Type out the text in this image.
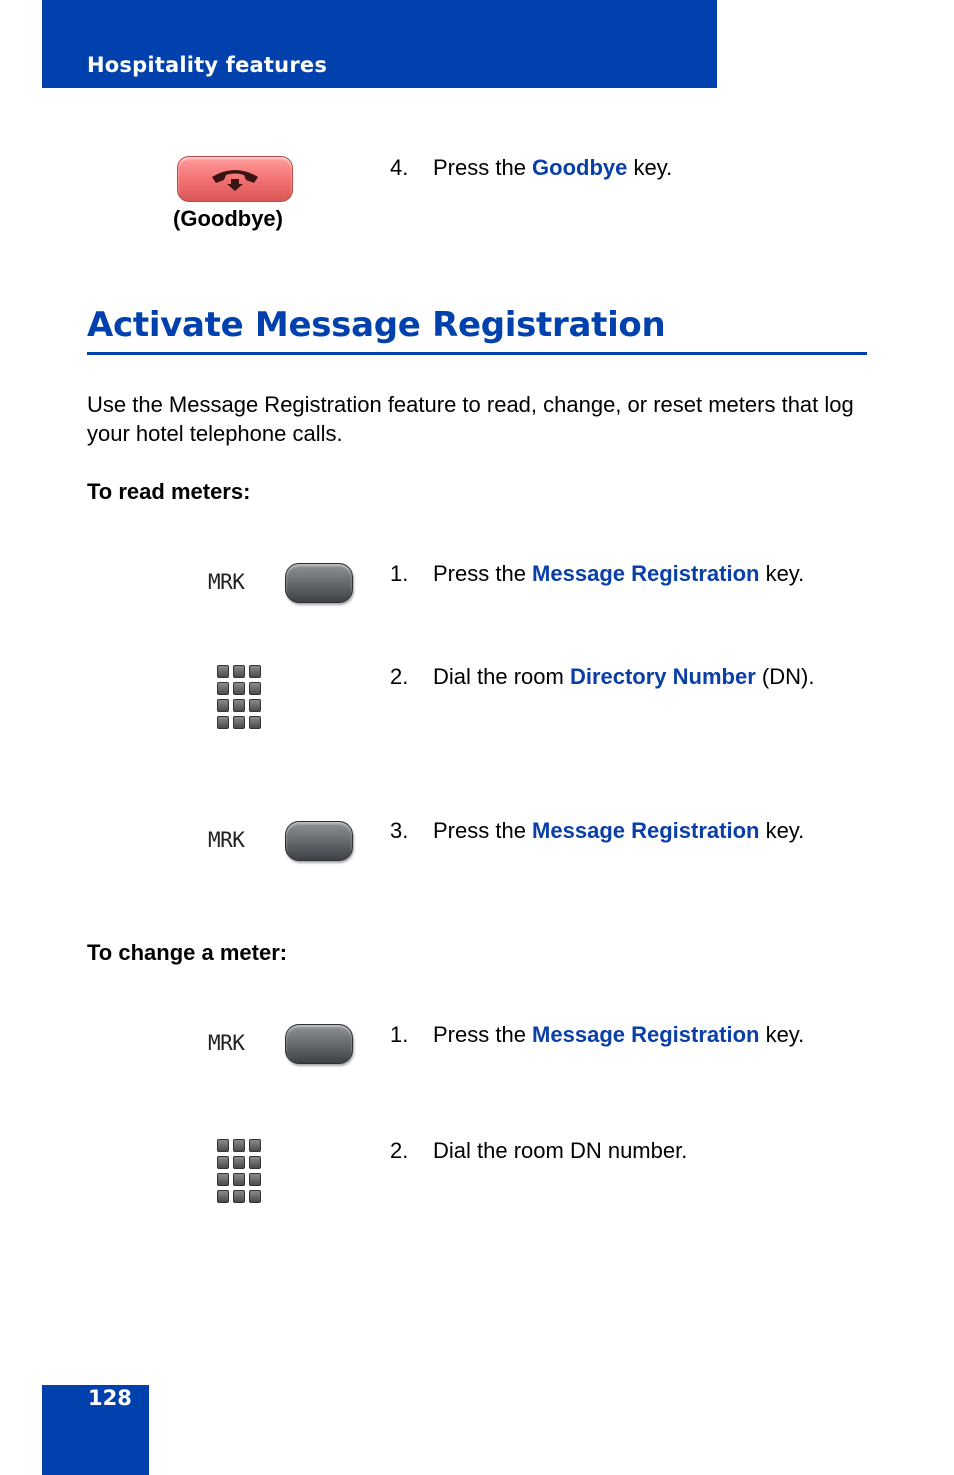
Hospitality features
(Goodbye)
4. Press the Goodbye key.
Activate Message Registration
Use the Message Registration feature to read, change, or reset meters that log your hotel telephone calls.
To read meters:
MRK	1. Press the Message Registration key.
2. Dial the room Directory Number (DN).
MRK	3. Press the Message Registration key.
To change a meter:
MRK	1. Press the Message Registration key.
2. Dial the room DN number.
128
